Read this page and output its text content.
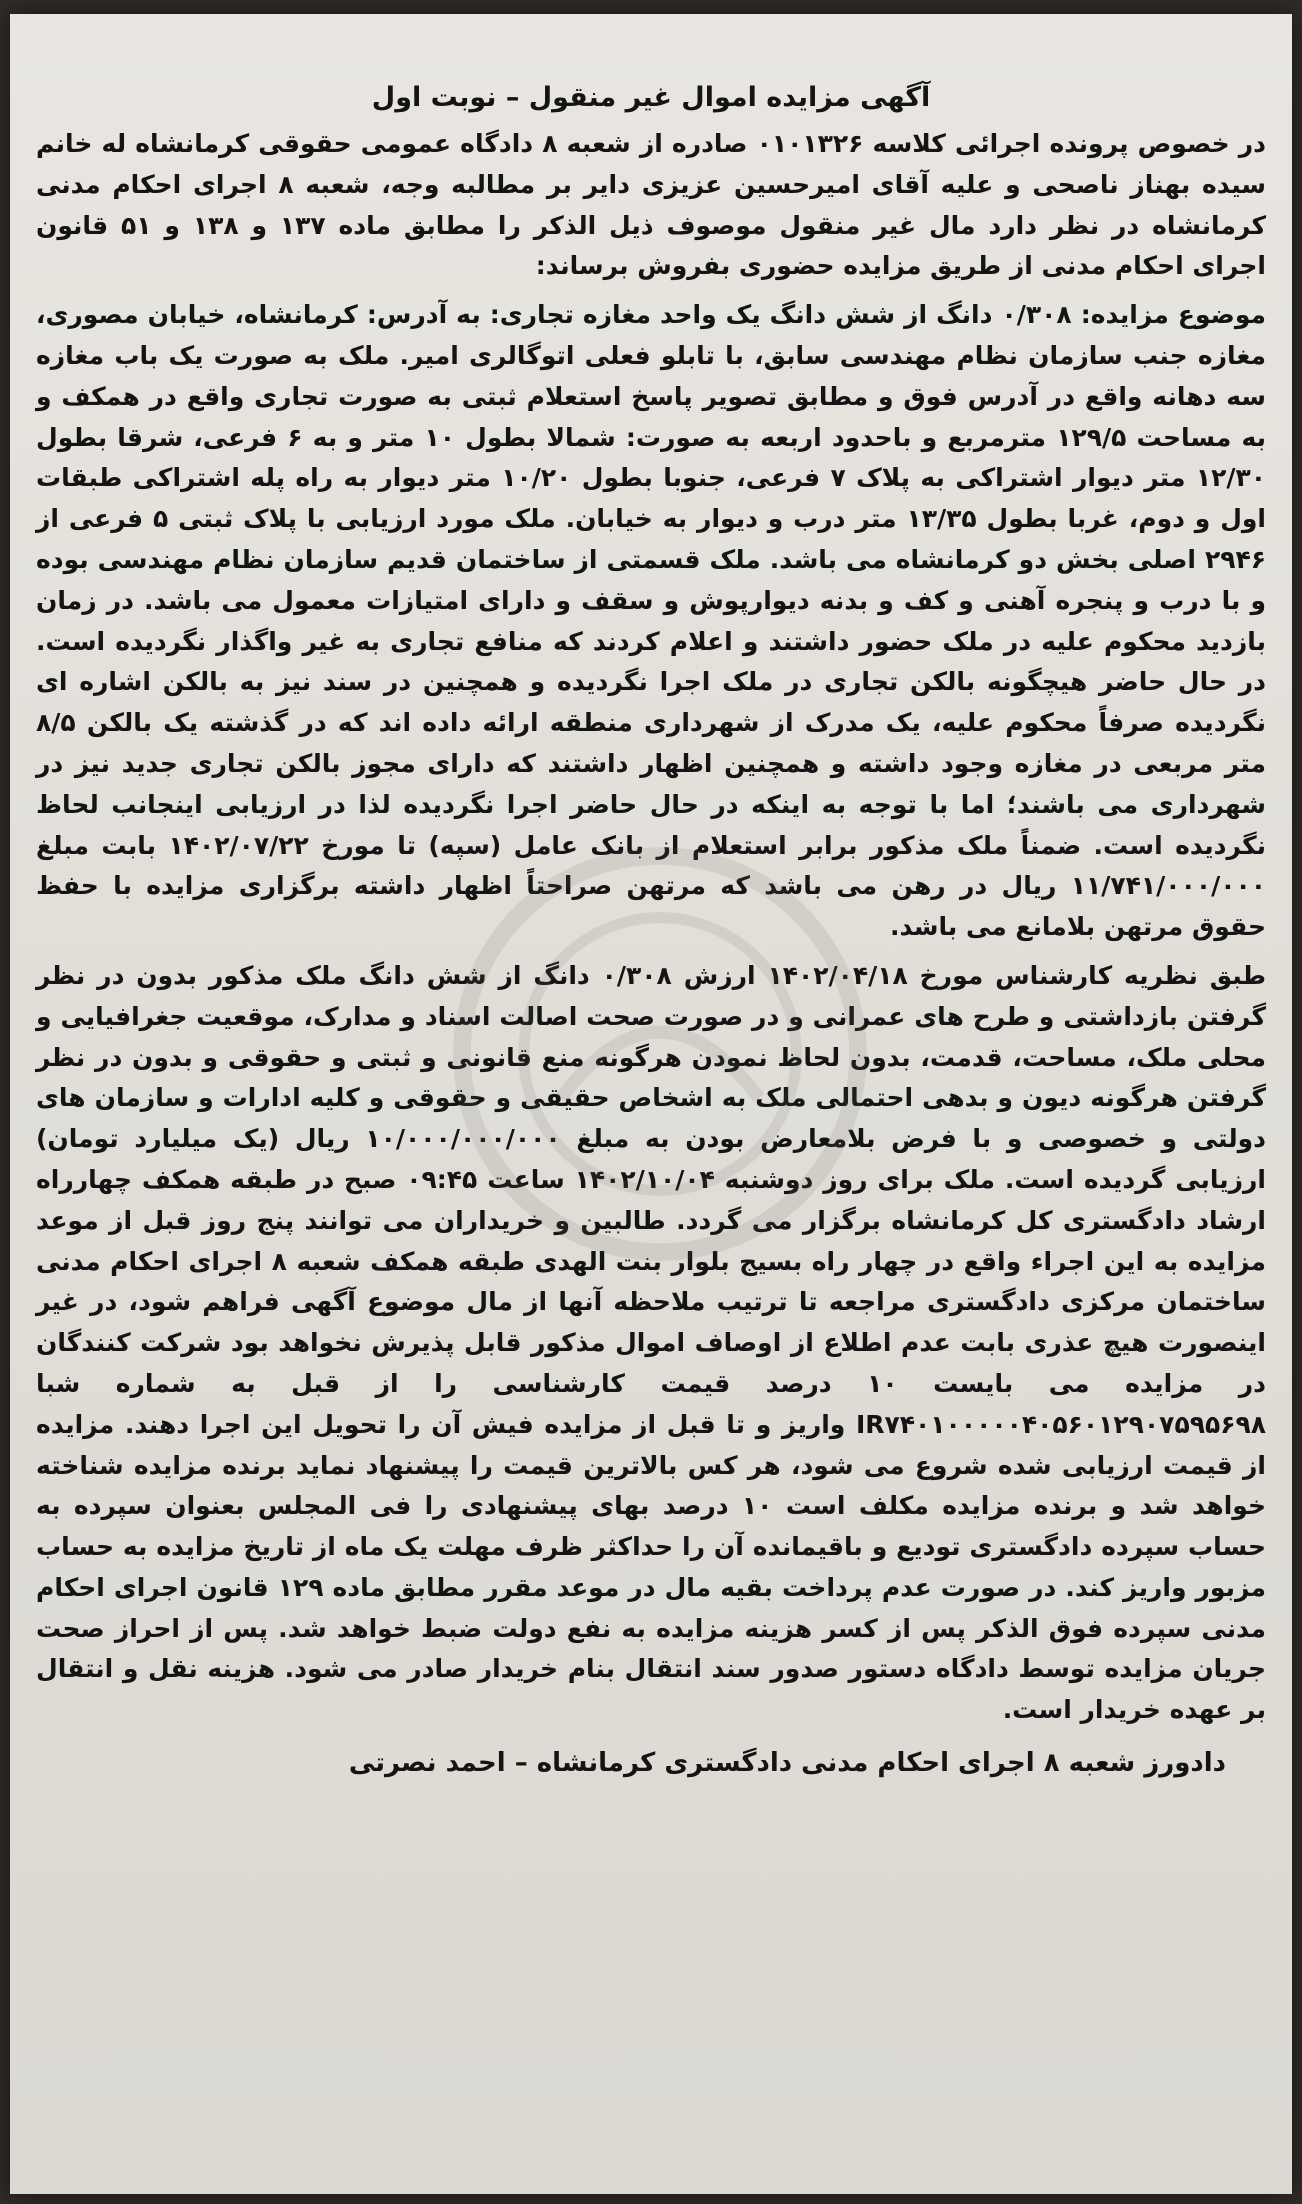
آگهی مزایده اموال غیر منقول – نوبت اول

در خصوص پرونده اجرائی کلاسه ۰۱۰۱۳۲۶ صادره از شعبه ۸ دادگاه عمومی حقوقی کرمانشاه له خانم سیده بهناز ناصحی و علیه آقای امیرحسین عزیزی دایر بر مطالبه وجه، شعبه ۸ اجرای احکام مدنی کرمانشاه در نظر دارد مال غیر منقول موصوف ذیل الذکر را مطابق ماده ۱۳۷ و ۱۳۸ و ۵۱ قانون اجرای احکام مدنی از طریق مزایده حضوری بفروش برساند:

موضوع مزایده: ۰/۳۰۸ دانگ از شش دانگ یک واحد مغازه تجاری: به آدرس: کرمانشاه، خیابان مصوری، مغازه جنب سازمان نظام مهندسی سابق، با تابلو فعلی اتوگالری امیر. ملک به صورت یک باب مغازه سه دهانه واقع در آدرس فوق و مطابق تصویر پاسخ استعلام ثبتی به صورت تجاری واقع در همکف و به مساحت ۱۲۹/۵ مترمربع و باحدود اربعه به صورت: شمالا بطول ۱۰ متر و به ۶ فرعی، شرقا بطول ۱۲/۳۰ متر دیوار اشتراکی به پلاک ۷ فرعی، جنوبا بطول ۱۰/۲۰ متر دیوار به راه پله اشتراکی طبقات اول و دوم، غربا بطول ۱۳/۳۵ متر درب و دیوار به خیابان. ملک مورد ارزیابی با پلاک ثبتی ۵ فرعی از ۲۹۴۶ اصلی بخش دو کرمانشاه می باشد. ملک قسمتی از ساختمان قدیم سازمان نظام مهندسی بوده و با درب و پنجره آهنی و کف و بدنه دیوارپوش و سقف و دارای امتیازات معمول می باشد. در زمان بازدید محکوم علیه در ملک حضور داشتند و اعلام کردند که منافع تجاری به غیر واگذار نگردیده است. در حال حاضر هیچگونه بالکن تجاری در ملک اجرا نگردیده و همچنین در سند نیز به بالکن اشاره ای نگردیده صرفاً محکوم علیه، یک مدرک از شهرداری منطقه ارائه داده اند که در گذشته یک بالکن ۸/۵ متر مربعی در مغازه وجود داشته و همچنین اظهار داشتند که دارای مجوز بالکن تجاری جدید نیز در شهرداری می باشند؛ اما با توجه به اینکه در حال حاضر اجرا نگردیده لذا در ارزیابی اینجانب لحاظ نگردیده است. ضمناً ملک مذکور برابر استعلام از بانک عامل (سپه) تا مورخ ۱۴۰۲/۰۷/۲۲ بابت مبلغ ۱۱/۷۴۱/۰۰۰/۰۰۰ ریال در رهن می باشد که مرتهن صراحتاً اظهار داشته برگزاری مزایده با حفظ حقوق مرتهن بلامانع می باشد.

طبق نظریه کارشناس مورخ ۱۴۰۲/۰۴/۱۸ ارزش ۰/۳۰۸ دانگ از شش دانگ ملک مذکور بدون در نظر گرفتن بازداشتی و طرح های عمرانی و در صورت صحت اصالت اسناد و مدارک، موقعیت جغرافیایی و محلی ملک، مساحت، قدمت، بدون لحاظ نمودن هرگونه منع قانونی و ثبتی و حقوقی و بدون در نظر گرفتن هرگونه دیون و بدهی احتمالی ملک به اشخاص حقیقی و حقوقی و کلیه ادارات و سازمان های دولتی و خصوصی و با فرض بلامعارض بودن به مبلغ ۱۰/۰۰۰/۰۰۰/۰۰۰ ریال (یک میلیارد تومان) ارزیابی گردیده است. ملک برای روز دوشنبه ۱۴۰۲/۱۰/۰۴ ساعت ۰۹:۴۵ صبح در طبقه همکف چهارراه ارشاد دادگستری کل کرمانشاه برگزار می گردد. طالبین و خریداران می توانند پنج روز قبل از موعد مزایده به این اجراء واقع در چهار راه بسیج بلوار بنت الهدی طبقه همکف شعبه ۸ اجرای احکام مدنی ساختمان مرکزی دادگستری مراجعه تا ترتیب ملاحظه آنها از مال موضوع آگهی فراهم شود، در غیر اینصورت هیچ عذری بابت عدم اطلاع از اوصاف اموال مذکور قابل پذیرش نخواهد بود شرکت کنندگان در مزایده می بایست ۱۰ درصد قیمت کارشناسی را از قبل به شماره شبا IR۷۴۰۱۰۰۰۰۰۴۰۵۶۰۱۲۹۰۷۵۹۵۶۹۸ واریز و تا قبل از مزایده فیش آن را تحویل این اجرا دهند. مزایده از قیمت ارزیابی شده شروع می شود، هر کس بالاترین قیمت را پیشنهاد نماید برنده مزایده شناخته خواهد شد و برنده مزایده مکلف است ۱۰ درصد بهای پیشنهادی را فی المجلس بعنوان سپرده به حساب سپرده دادگستری تودیع و باقیمانده آن را حداکثر ظرف مهلت یک ماه از تاریخ مزایده به حساب مزبور واریز کند. در صورت عدم پرداخت بقیه مال در موعد مقرر مطابق ماده ۱۲۹ قانون اجرای احکام مدنی سپرده فوق الذکر پس از کسر هزینه مزایده به نفع دولت ضبط خواهد شد. پس از احراز صحت جریان مزایده توسط دادگاه دستور صدور سند انتقال بنام خریدار صادر می شود. هزینه نقل و انتقال بر عهده خریدار است.

دادورز شعبه ۸ اجرای احکام مدنی دادگستری کرمانشاه – احمد نصرتی
